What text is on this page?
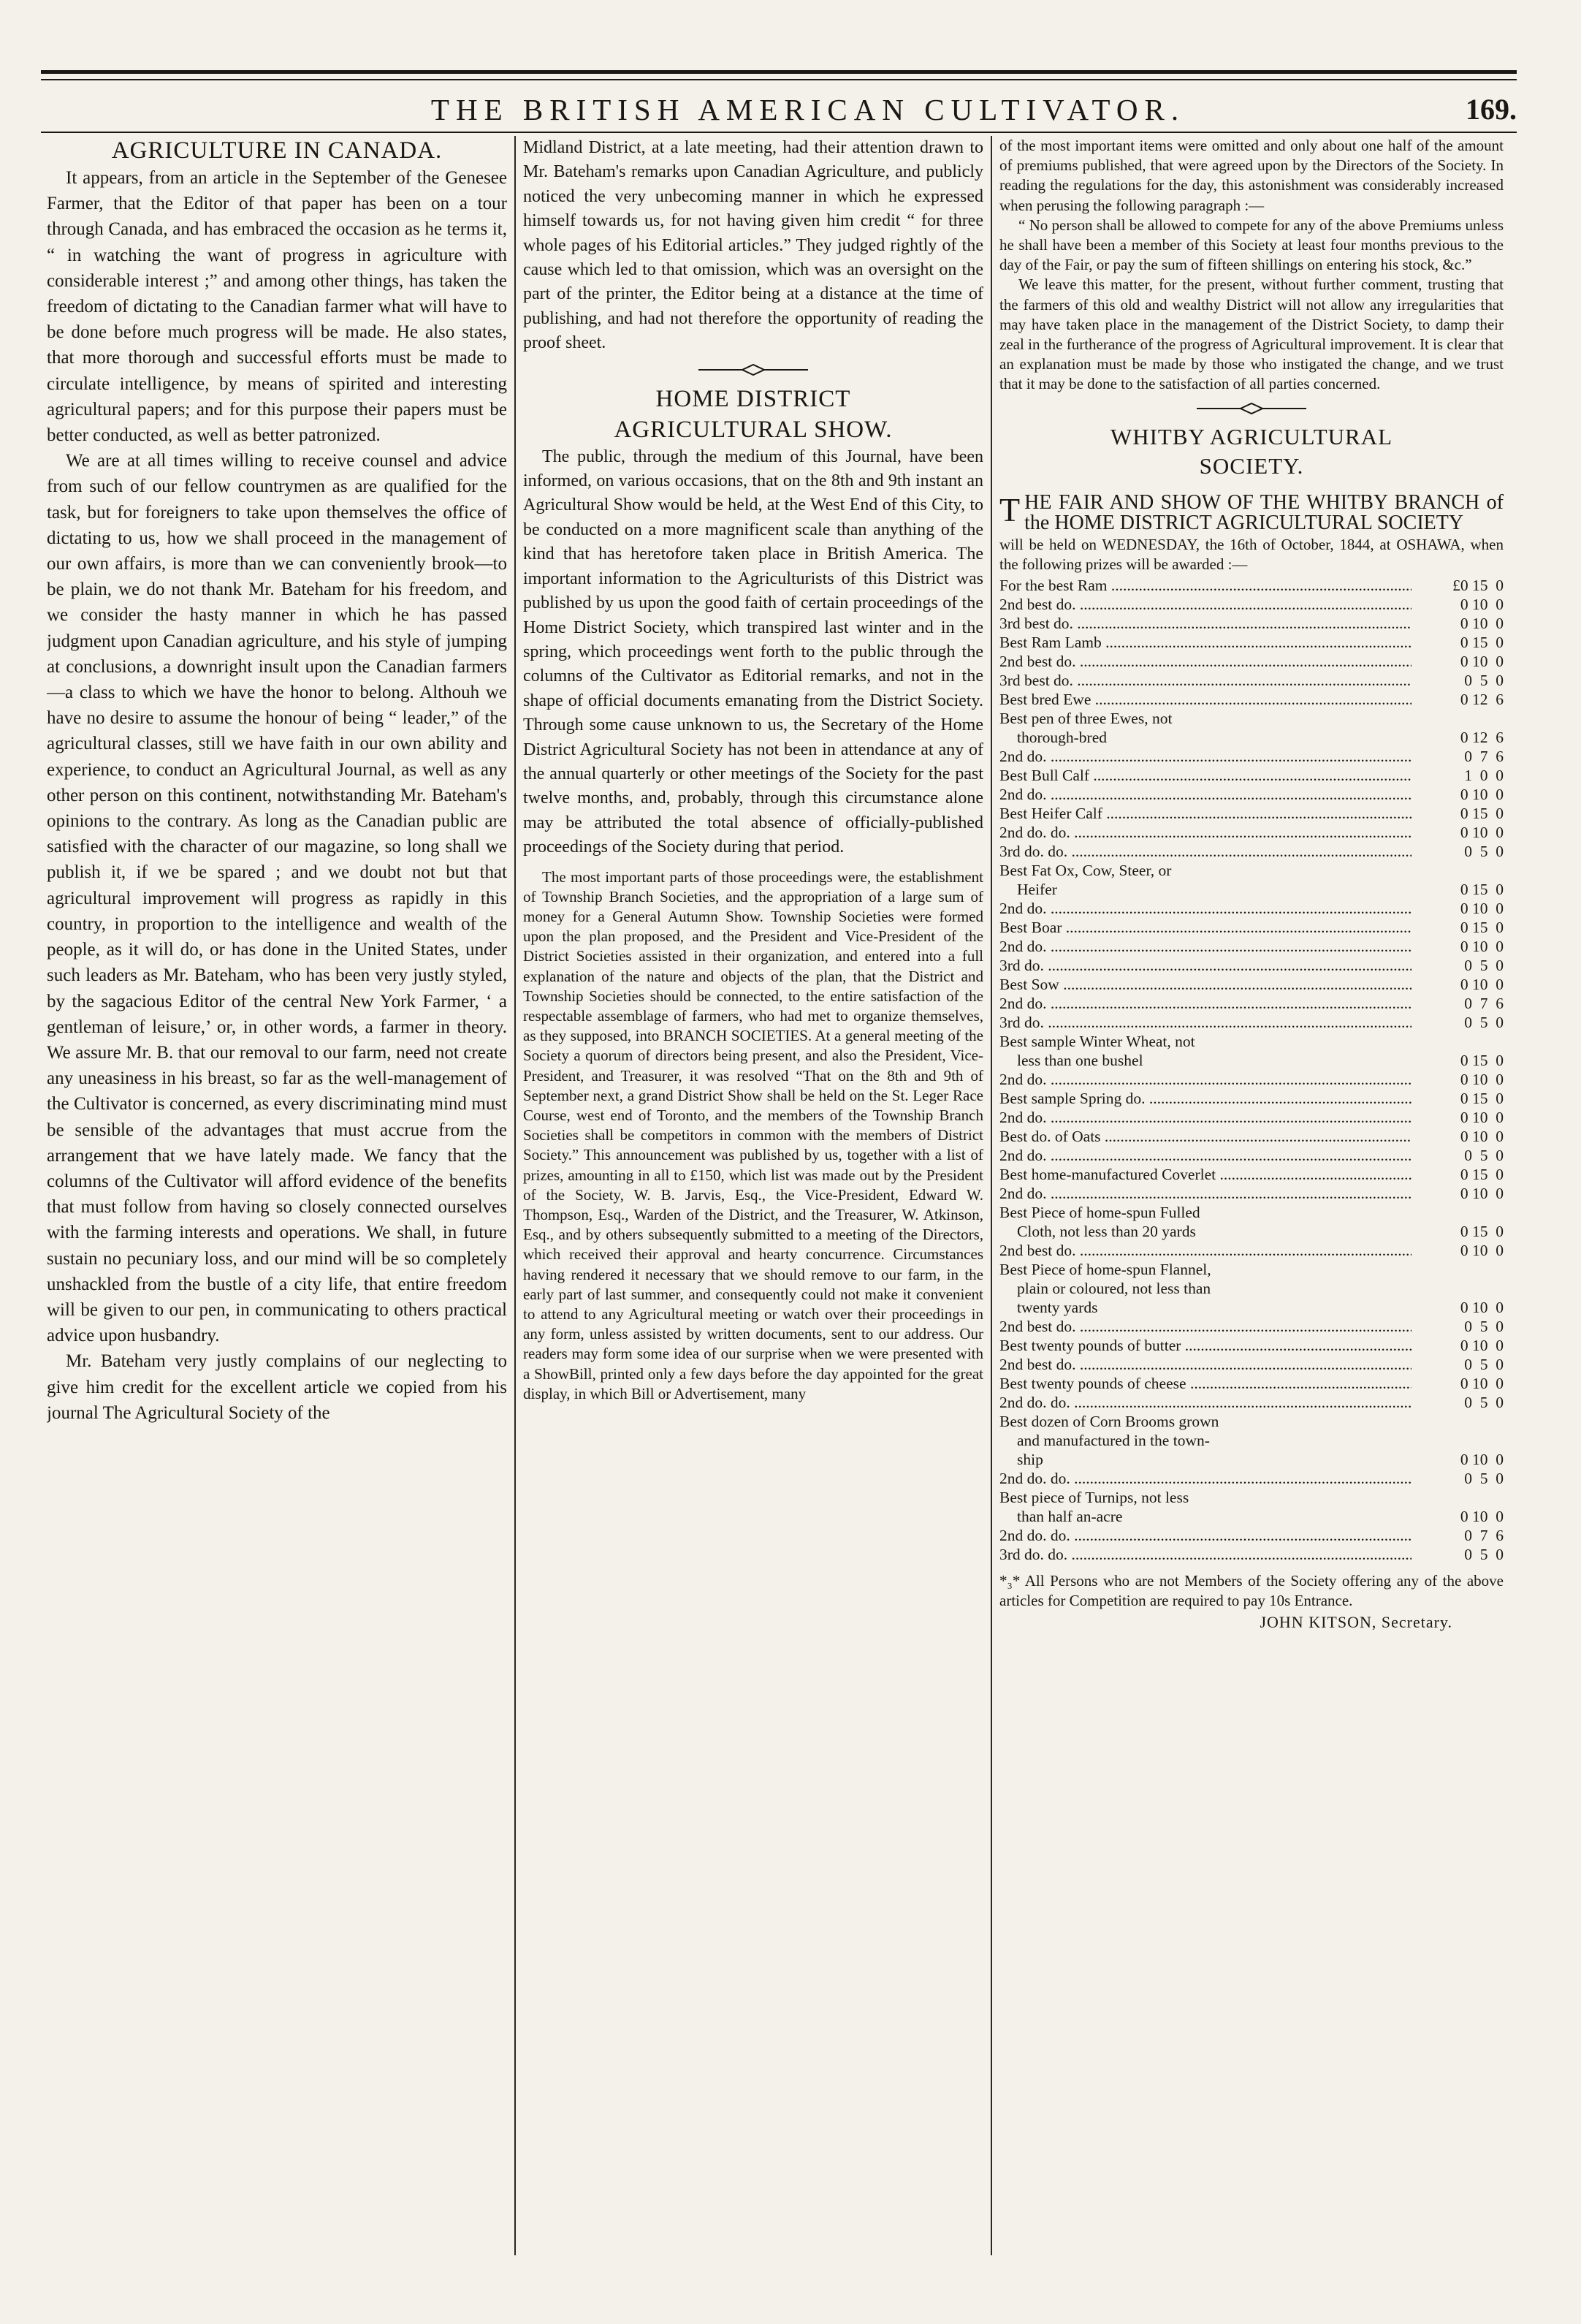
THE BRITISH AMERICAN CULTIVATOR.	169.
AGRICULTURE IN CANADA.

It appears, from an article in the September of the Genesee Farmer, that the Editor of that paper has been on a tour through Canada, and has embraced the occasion as he terms it, “ in watching the want of progress in agriculture with considerable interest ;” and among other things, has taken the freedom of dictating to the Canadian farmer what will have to be done before much progress will be made. He also states, that more thorough and successful efforts must be made to circulate intelligence, by means of spirited and interesting agricultural papers; and for this purpose their papers must be better conducted, as well as better patronized.

We are at all times willing to receive counsel and advice from such of our fellow countrymen as are qualified for the task, but for foreigners to take upon themselves the office of dictating to us, how we shall proceed in the management of our own affairs, is more than we can conveniently brook—to be plain, we do not thank Mr. Bateham for his freedom, and we consider the hasty manner in which he has passed judgment upon Canadian agriculture, and his style of jumping at conclusions, a downright insult upon the Canadian farmers—a class to which we have the honor to belong. Althouh we have no desire to assume the honour of being “ leader,” of the agricultural classes, still we have faith in our own ability and experience, to conduct an Agricultural Journal, as well as any other person on this continent, notwithstanding Mr. Bateham's opinions to the contrary. As long as the Canadian public are satisfied with the character of our magazine, so long shall we publish it, if we be spared ; and we doubt not but that agricultural improvement will progress as rapidly in this country, in proportion to the intelligence and wealth of the people, as it will do, or has done in the United States, under such leaders as Mr. Bateham, who has been very justly styled, by the sagacious Editor of the central New York Farmer, ‘ a gentleman of leisure,’ or, in other words, a farmer in theory. We assure Mr. B. that our removal to our farm, need not create any uneasiness in his breast, so far as the well-management of the Cultivator is concerned, as every discriminating mind must be sensible of the advantages that must accrue from the arrangement that we have lately made. We fancy that the columns of the Cultivator will afford evidence of the benefits that must follow from having so closely connected ourselves with the farming interests and operations. We shall, in future sustain no pecuniary loss, and our mind will be so completely unshackled from the bustle of a city life, that entire freedom will be given to our pen, in communicating to others practical advice upon husbandry.

Mr. Bateham very justly complains of our neglecting to give him credit for the excellent article we copied from his journal The Agricultural Society of the

Midland District, at a late meeting, had their attention drawn to Mr. Bateham's remarks upon Canadian Agriculture, and publicly noticed the very unbecoming manner in which he expressed himself towards us, for not having given him credit “ for three whole pages of his Editorial articles.” They judged rightly of the cause which led to that omission, which was an oversight on the part of the printer, the Editor being at a distance at the time of publishing, and had not therefore the opportunity of reading the proof sheet.

HOME DISTRICT
AGRICULTURAL SHOW.

The public, through the medium of this Journal, have been informed, on various occasions, that on the 8th and 9th instant an Agricultural Show would be held, at the West End of this City, to be conducted on a more magnificent scale than anything of the kind that has heretofore taken place in British America. The important information to the Agriculturists of this District was published by us upon the good faith of certain proceedings of the Home District Society, which transpired last winter and in the spring, which proceedings went forth to the public through the columns of the Cultivator as Editorial remarks, and not in the shape of official documents emanating from the District Society. Through some cause unknown to us, the Secretary of the Home District Agricultural Society has not been in attendance at any of the annual quarterly or other meetings of the Society for the past twelve months, and, probably, through this circumstance alone may be attributed the total absence of officially-published proceedings of the Society during that period.

The most important parts of those proceedings were, the establishment of Township Branch Societies, and the appropriation of a large sum of money for a General Autumn Show. Township Societies were formed upon the plan proposed, and the President and Vice-President of the District Societies assisted in their organization, and entered into a full explanation of the nature and objects of the plan, that the District and Township Societies should be connected, to the entire satisfaction of the respectable assemblage of farmers, who had met to organize themselves, as they supposed, into BRANCH SOCIETIES. At a general meeting of the Society a quorum of directors being present, and also the President, Vice-President, and Treasurer, it was resolved “That on the 8th and 9th of September next, a grand District Show shall be held on the St. Leger Race Course, west end of Toronto, and the members of the Township Branch Societies shall be competitors in common with the members of District Society.” This announcement was published by us, together with a list of prizes, amounting in all to £150, which list was made out by the President of the Society, W. B. Jarvis, Esq., the Vice-President, Edward W. Thompson, Esq., Warden of the District, and the Treasurer, W. Atkinson, Esq., and by others subsequently submitted to a meeting of the Directors, which received their approval and hearty concurrence. Circumstances having rendered it necessary that we should remove to our farm, in the early part of last summer, and consequently could not make it convenient to attend to any Agricultural meeting or watch over their proceedings in any form, unless assisted by written documents, sent to our address. Our readers may form some idea of our surprise when we were presented with a ShowBill, printed only a few days before the day appointed for the great display, in which Bill or Advertisement, many

of the most important items were omitted and only about one half of the amount of premiums published, that were agreed upon by the Directors of the Society. In reading the regulations for the day, this astonishment was considerably increased when perusing the following paragraph :—

“ No person shall be allowed to compete for any of the above Premiums unless he shall have been a member of this Society at least four months previous to the day of the Fair, or pay the sum of fifteen shillings on entering his stock, &c.”

We leave this matter, for the present, without further comment, trusting that the farmers of this old and wealthy District will not allow any irregularities that may have taken place in the management of the District Society, to damp their zeal in the furtherance of the progress of Agricultural improvement. It is clear that an explanation must be made by those who instigated the change, and we trust that it may be done to the satisfaction of all parties concerned.

WHITBY AGRICULTURAL
SOCIETY.
THE FAIR AND SHOW OF THE WHITBY BRANCH of the HOME DISTRICT AGRICULTURAL SOCIETY
will be held on WEDNESDAY, the 16th of October, 1844, at OSHAWA, when the following prizes will be awarded :—
For the best Ram .....	£0 15  0
2nd best do. .....	0 10  0
3rd best do. .....	0 10  0
Best Ram Lamb .....	0 15  0
2nd best do. .....	0 10  0
3rd best do. .....	0  5  0
Best bred Ewe .....	0 12  6
Best pen of three Ewes, not
thorough-bred	0 12  6
2nd do. .....	0  7  6
Best Bull Calf .....	1  0  0
2nd do. .....	0 10  0
Best Heifer Calf .....	0 15  0
2nd do. do. .....	0 10  0
3rd do. do. .....	0  5  0
Best Fat Ox, Cow, Steer, or
Heifer	0 15  0
2nd do. .....	0 10  0
Best Boar .....	0 15  0
2nd do. .....	0 10  0
3rd do. .....	0  5  0
Best Sow .....	0 10  0
2nd do. .....	0  7  6
3rd do. .....	0  5  0
Best sample Winter Wheat, not
less than one bushel	0 15  0
2nd do. .....	0 10  0
Best sample Spring do. .....	0 15  0
2nd do. .....	0 10  0
Best do. of Oats .....	0 10  0
2nd do. .....	0  5  0
Best home-manufactured Coverlet .....	0 15  0
2nd do. .....	0 10  0
Best Piece of home-spun Fulled
Cloth, not less than 20 yards	0 15  0
2nd best do. .....	0 10  0
Best Piece of home-spun Flannel,
plain or coloured, not less than
twenty yards	0 10  0
2nd best do. .....	0  5  0
Best twenty pounds of butter .....	0 10  0
2nd best do. .....	0  5  0
Best twenty pounds of cheese .....	0 10  0
2nd do. do. .....	0  5  0
Best dozen of Corn Brooms grown
and manufactured in the town-
ship	0 10  0
2nd do. do. .....	0  5  0
Best piece of Turnips, not less
than half an-acre	0 10  0
2nd do. do. .....	0  7  6
3rd do. do. .....	0  5  0
*₃* All Persons who are not Members of the Society offering any of the above articles for Competition are required to pay 10s Entrance.
JOHN KITSON, Secretary.
